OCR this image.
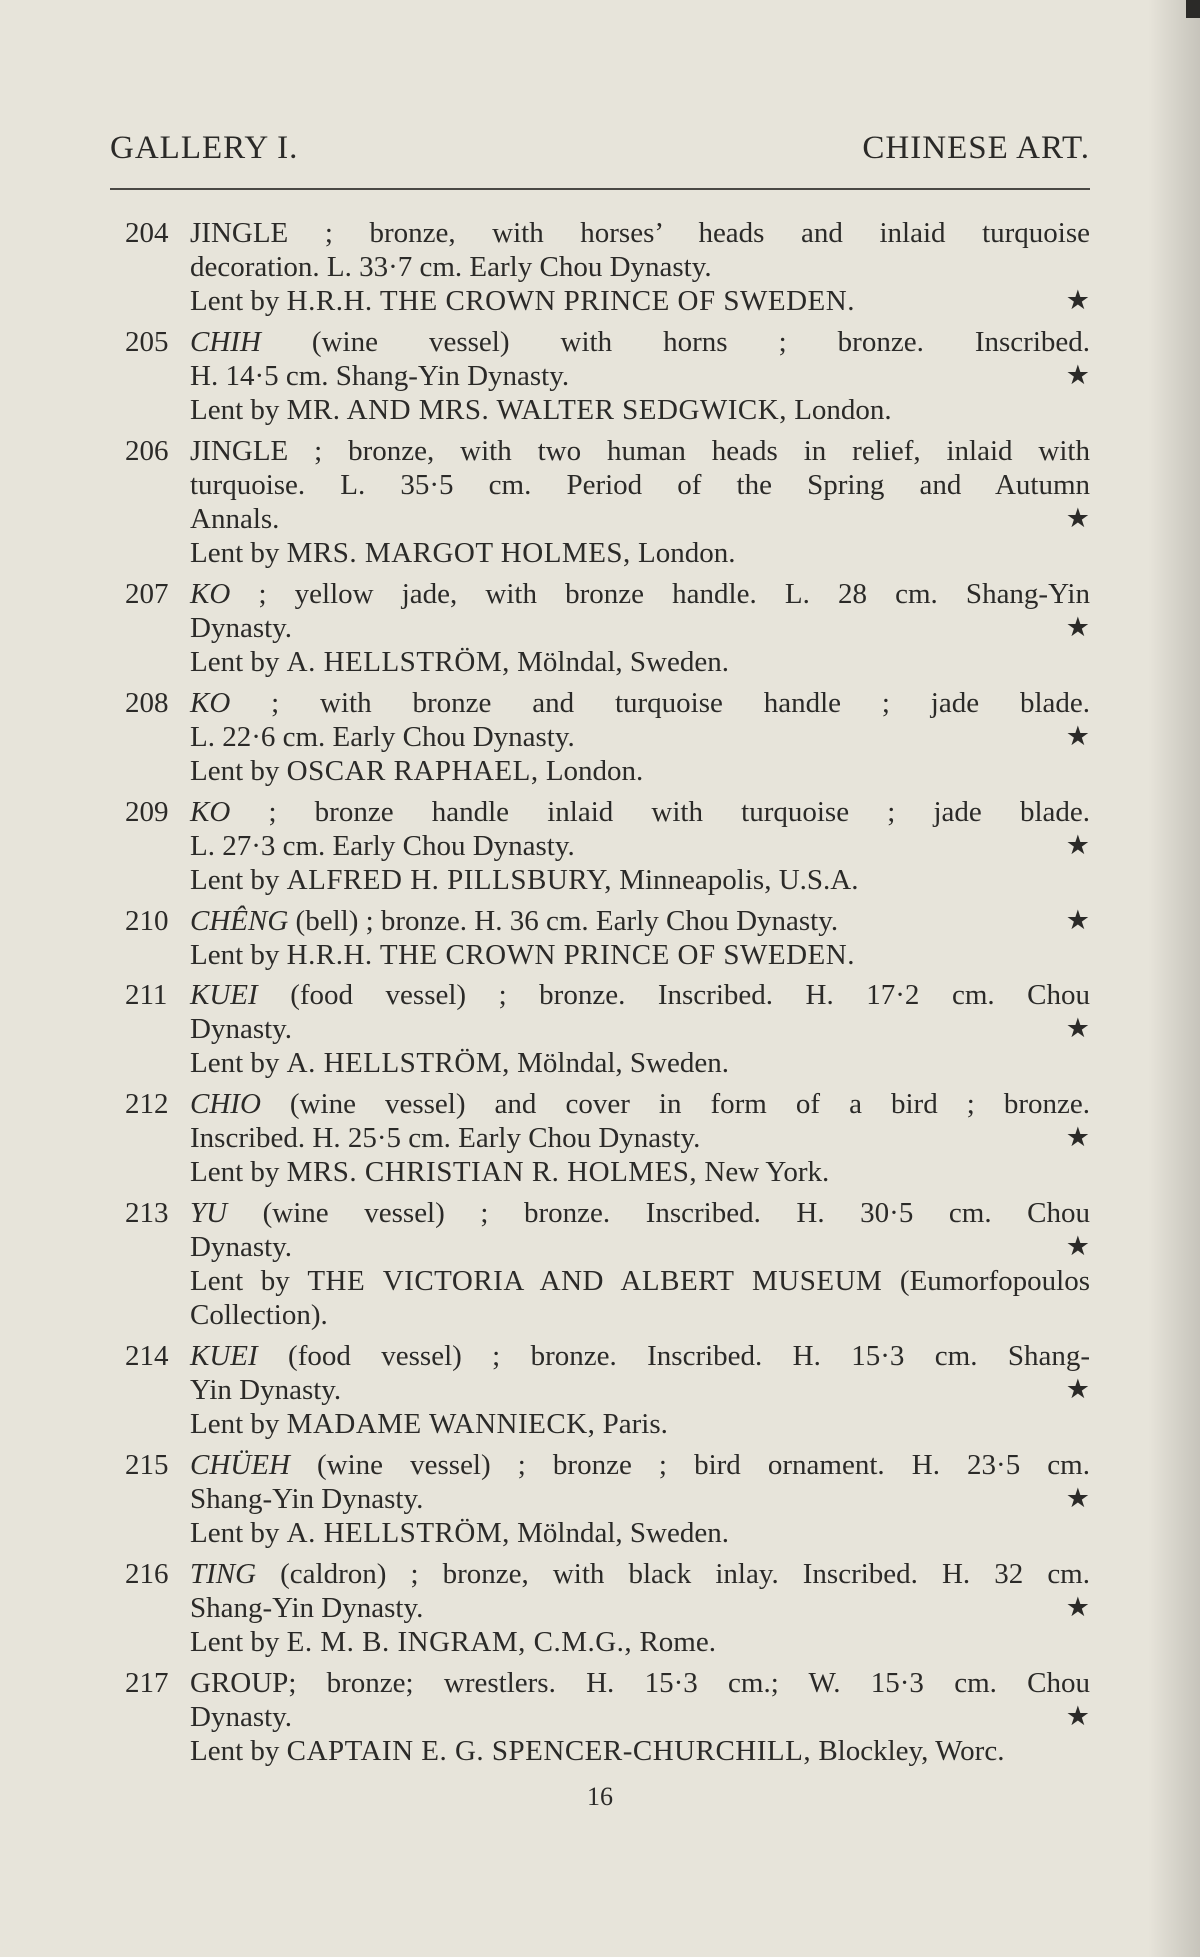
GALLERY I.	CHINESE ART.
204 JINGLE ; bronze, with horses’ heads and inlaid turquoise
decoration. L. 33·7 cm. Early Chou Dynasty.
Lent by H.R.H. THE CROWN PRINCE OF SWEDEN.	★
205 CHIH (wine vessel) with horns ; bronze. Inscribed.
H. 14·5 cm. Shang-Yin Dynasty.	★
Lent by MR. AND MRS. WALTER SEDGWICK, London.
206 JINGLE ; bronze, with two human heads in relief, inlaid with
turquoise. L. 35·5 cm. Period of the Spring and Autumn
Annals.	★
Lent by MRS. MARGOT HOLMES, London.
207 KO ; yellow jade, with bronze handle. L. 28 cm. Shang-Yin
Dynasty.	★
Lent by A. HELLSTRÖM, Mölndal, Sweden.
208 KO ; with bronze and turquoise handle ; jade blade.
L. 22·6 cm. Early Chou Dynasty.	★
Lent by OSCAR RAPHAEL, London.
209 KO ; bronze handle inlaid with turquoise ; jade blade.
L. 27·3 cm. Early Chou Dynasty.	★
Lent by ALFRED H. PILLSBURY, Minneapolis, U.S.A.
210 CHÊNG (bell) ; bronze. H. 36 cm. Early Chou Dynasty.	★
Lent by H.R.H. THE CROWN PRINCE OF SWEDEN.
211 KUEI (food vessel) ; bronze. Inscribed. H. 17·2 cm. Chou
Dynasty.	★
Lent by A. HELLSTRÖM, Mölndal, Sweden.
212 CHIO (wine vessel) and cover in form of a bird ; bronze.
Inscribed. H. 25·5 cm. Early Chou Dynasty.	★
Lent by MRS. CHRISTIAN R. HOLMES, New York.
213 YU (wine vessel) ; bronze. Inscribed. H. 30·5 cm. Chou
Dynasty.	★
Lent by THE VICTORIA AND ALBERT MUSEUM (Eumorfopoulos
Collection).
214 KUEI (food vessel) ; bronze. Inscribed. H. 15·3 cm. Shang-
Yin Dynasty.	★
Lent by MADAME WANNIECK, Paris.
215 CHÜEH (wine vessel) ; bronze ; bird ornament. H. 23·5 cm.
Shang-Yin Dynasty.	★
Lent by A. HELLSTRÖM, Mölndal, Sweden.
216 TING (caldron) ; bronze, with black inlay. Inscribed. H. 32 cm.
Shang-Yin Dynasty.	★
Lent by E. M. B. INGRAM, C.M.G., Rome.
217 GROUP; bronze; wrestlers. H. 15·3 cm.; W. 15·3 cm. Chou
Dynasty.	★
Lent by CAPTAIN E. G. SPENCER-CHURCHILL, Blockley, Worc.
16
